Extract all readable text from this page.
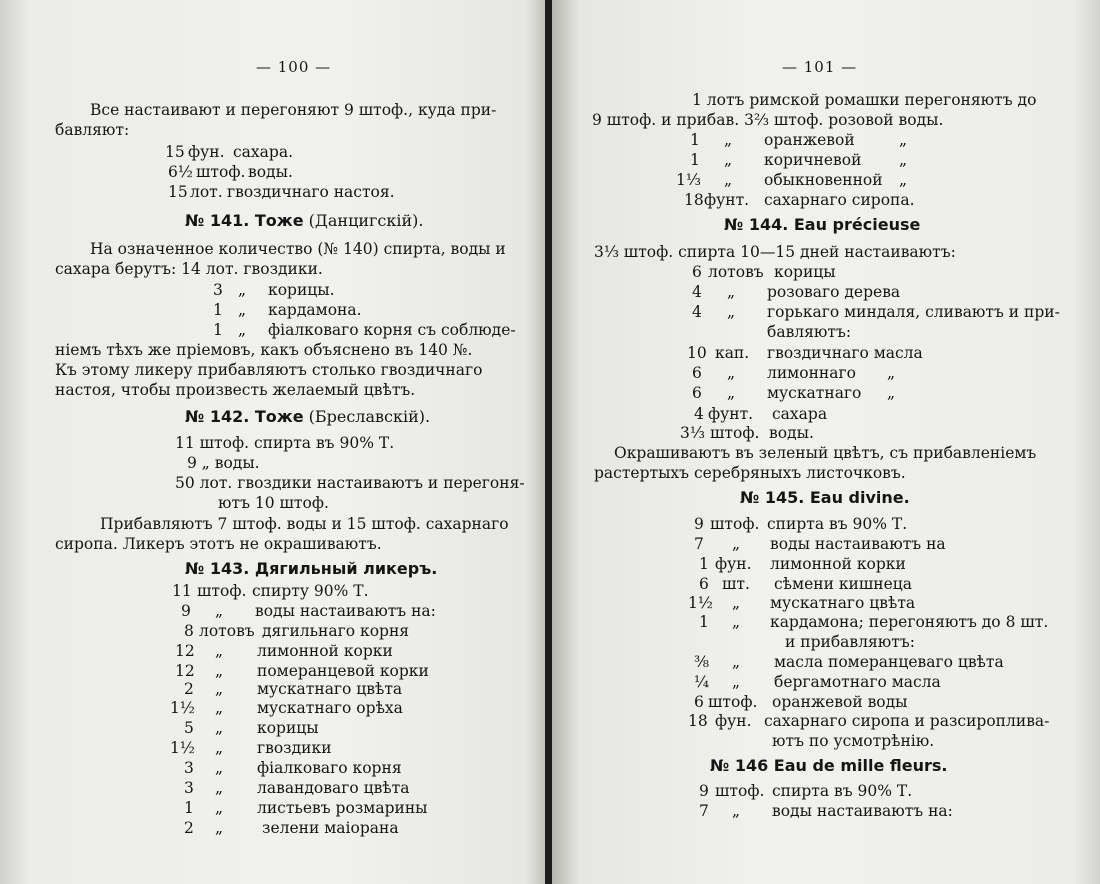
— 100 —
Все настаивают и перегоняют 9 штоф., куда при-
бавляют:
15 фун. сахара.
6½ штоф. воды.
15 лот. гвоздичнаго настоя.
№ 141. Тоже (Данцигскій).
На означенное количество (№ 140) спирта, воды и
сахара берутъ: 14 лот. гвоздики.
3 „ корицы.
1 „ кардамона.
1 „ фіалковаго корня съ соблюде-
ніемъ тѣхъ же пріемовъ, какъ объяснено въ 140 №.
Къ этому ликеру прибавляютъ столько гвоздичнаго
настоя, чтобы произвесть желаемый цвѣтъ.
№ 142. Тоже (Бреславскій).
11 штоф. спирта въ 90% Т.
9 „ воды.
50 лот. гвоздики настаиваютъ и перегоня-
ютъ 10 штоф.
Прибавляютъ 7 штоф. воды и 15 штоф. сахарнаго
сиропа. Ликеръ этотъ не окрашиваютъ.
№ 143. Дягильный ликеръ.
11 штоф. спирту 90% Т.
9 „ воды настаиваютъ на:
8 лотовъ дягильнаго корня
12 „ лимонной корки
12 „ померанцевой корки
2 „ мускатнаго цвѣта
1½ „ мускатнаго орѣха
5 „ корицы
1½ „ гвоздики
3 „ фіалковаго корня
3 „ лавандоваго цвѣта
1 „ листьевъ розмарины
2 „	зелени маіорана
— 101 —
1 лотъ римской ромашки перегоняютъ до
9 штоф. и прибав. 3⅔ штоф. розовой воды.
1 „ оранжевой	„
1 „ коричневой „
1⅓ „ обыкновенной „
18 фунт. сахарнаго сиропа.
№ 144. Eau précieuse
3⅓ штоф. спирта 10—15 дней настаиваютъ:
6 лотовъ корицы
4 „ розоваго дерева
4 „ горькаго миндаля, сливаютъ и при-
бавляютъ:
10 кап. гвоздичнаго масла
6 „ лимоннаго „
6 „ мускатнаго „
4 фунт. сахара
3⅓ штоф. воды.
Окрашиваютъ въ зеленый цвѣтъ, съ прибавленіемъ
растертыхъ серебряныхъ листочковъ.
№ 145. Eau divine.
9 штоф. спирта въ 90% Т.
7 „ воды настаиваютъ на
1 фун. лимонной корки
6 шт. сѣмени кишнеца
1½ „ мускатнаго цвѣта
1 „ кардамона; перегоняютъ до 8 шт.
и прибавляютъ:
⅜ „ масла померанцеваго цвѣта
¼ „ бергамотнаго масла
6 штоф. оранжевой воды
18 фун. сахарнаго сиропа и разсироплива-
ютъ по усмотрѣнію.
№ 146 Eau de mille fleurs.
9 штоф. спирта въ 90% Т.
7 „ воды настаиваютъ на:
